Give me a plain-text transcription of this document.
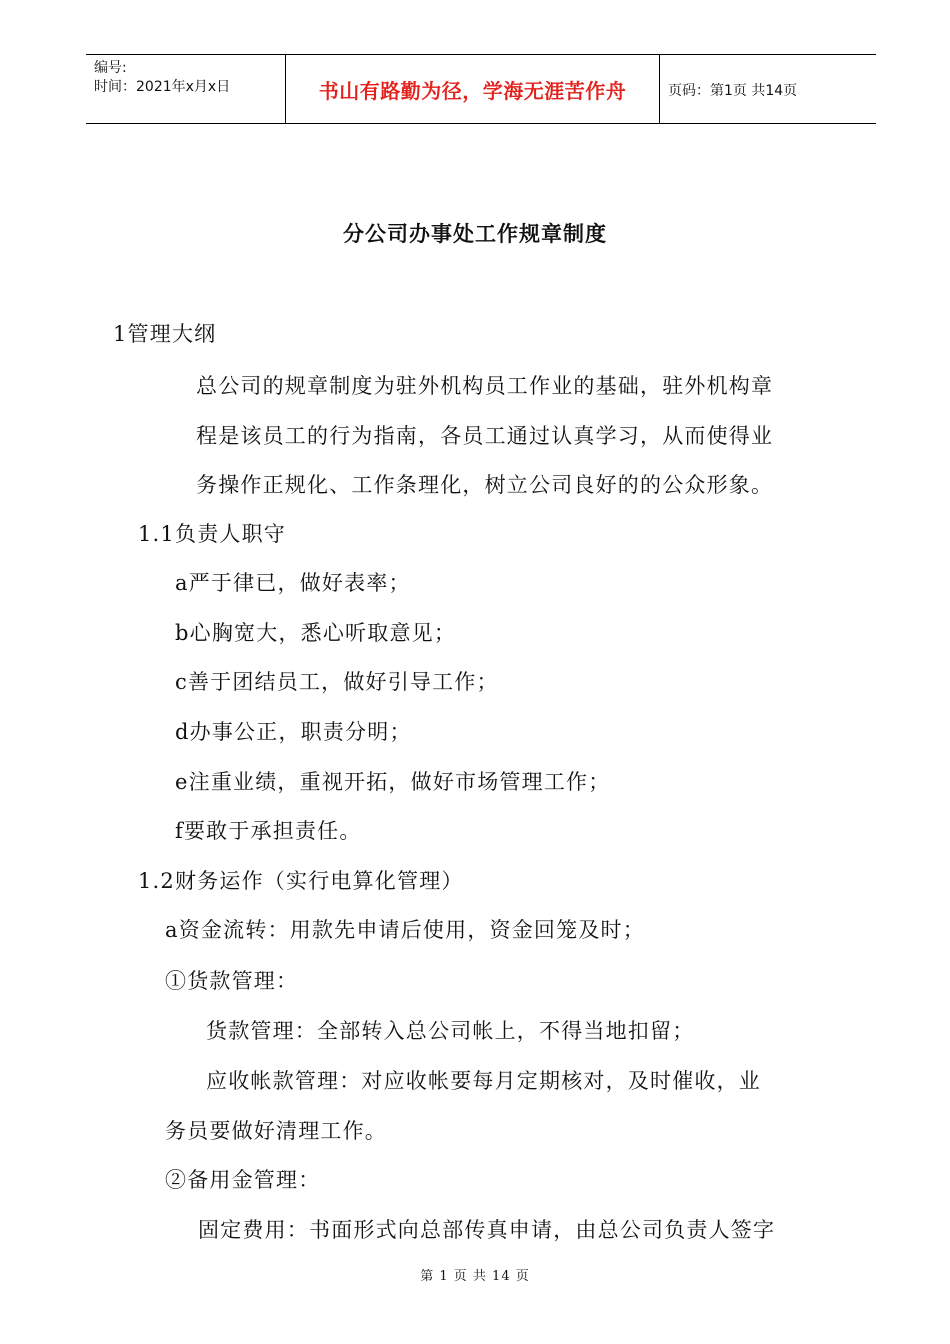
编号:
时间：2021年x月x日	书山有路勤为径，学海无涯苦作舟	页码：第1页 共14页
分公司办事处工作规章制度
1管理大纲
总公司的规章制度为驻外机构员工作业的基础，驻外机构章
程是该员工的行为指南，各员工通过认真学习，从而使得业
务操作正规化、工作条理化，树立公司良好的的公众形象。
1.1负责人职守
a严于律已，做好表率；
b心胸宽大，悉心听取意见；
c善于团结员工，做好引导工作；
d办事公正，职责分明；
e注重业绩，重视开拓，做好市场管理工作；
f要敢于承担责任。
1.2财务运作（实行电算化管理）
a资金流转：用款先申请后使用，资金回笼及时；
①货款管理：
货款管理：全部转入总公司帐上，不得当地扣留；
应收帐款管理：对应收帐要每月定期核对，及时催收，业
务员要做好清理工作。
②备用金管理：
固定费用：书面形式向总部传真申请，由总公司负责人签字
第 1 页 共 14 页
